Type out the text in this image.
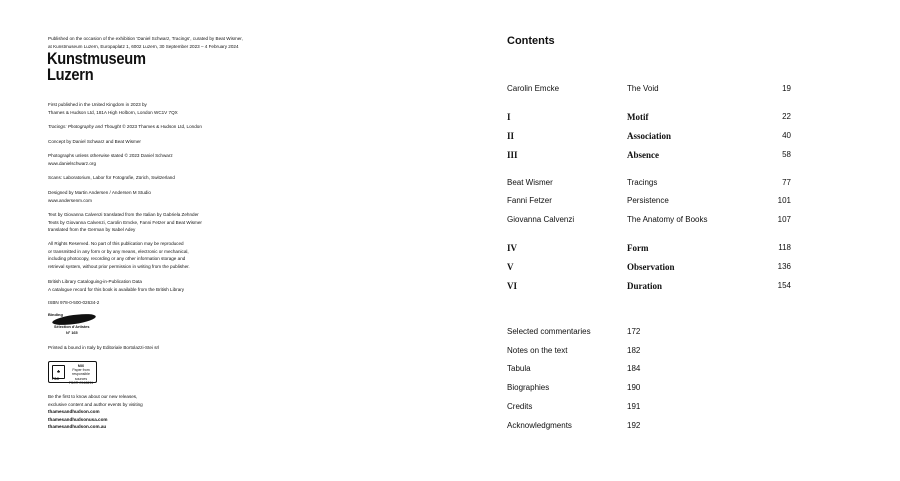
Published on the occasion of the exhibition ‘Daniel Schwarz, Tracings’, curated by Beat Wismer,
at Kunstmuseum Luzern, Europaplatz 1, 6002 Luzern, 30 September 2023 – 4 February 2024
Kunstmuseum
Luzern
First published in the United Kingdom in 2023 by
Thames & Hudson Ltd, 181A High Holborn, London WC1V 7QX
Tracings: Photography and Thought © 2023 Thames & Hudson Ltd, London
Concept by Daniel Schwarz and Beat Wismer
Photographs unless otherwise stated © 2023 Daniel Schwarz
www.danielschwarz.org
Scans: Laboratorium, Labor für Fotografie, Zürich, Switzerland
Designed by Martin Andersen / Andersen M Studio
www.andersenm.com
Text by Giovanna Calvenzi translated from the Italian by Gabriela Zehnder
Texts by Giovanna Calvenzi, Carolin Emcke, Fanni Fetzer and Beat Wismer
translated from the German by Isabel Adey
All Rights Reserved. No part of this publication may be reproduced
or transmitted in any form or by any means, electronic or mechanical,
including photocopy, recording or any other information storage and
retrieval system, without prior permission in writing from the publisher.
British Library Cataloguing-in-Publication Data
A catalogue record for this book is available from the British Library
ISBN 978-0-500-02634-2
Binding
Sélection d’Artistes
N° 165
Printed & bound in Italy by Editoriale Bortolazzi-Stei srl
♣
FSC
MIX
Paper from
responsible sources
FSC® C165211
Be the first to know about our new releases,
exclusive content and author events by visiting
thamesandhudson.com
thamesandhudsonusa.com
thamesandhudson.com.au
Contents
Carolin Emcke	The Void	19
I	Motif	22
II	Association	40
III	Absence	58
Beat Wismer	Tracings	77
Fanni Fetzer	Persistence	101
Giovanna Calvenzi	The Anatomy of Books	107
IV	Form	118
V	Observation	136
VI	Duration	154
Selected commentaries	172
Notes on the text	182
Tabula	184
Biographies	190
Credits	191
Acknowledgments	192
